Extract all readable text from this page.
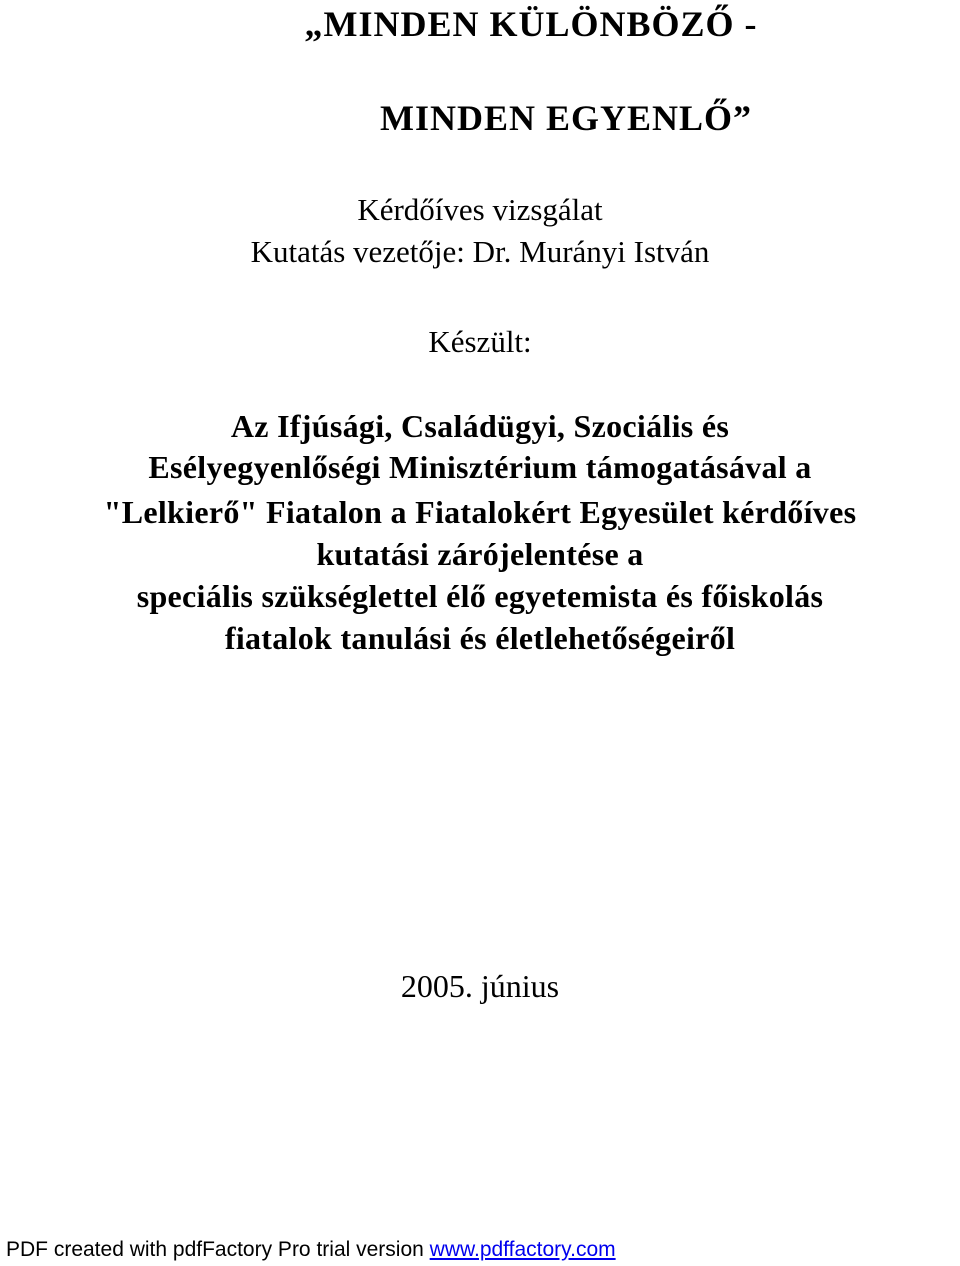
„MINDEN KÜLÖNBÖZŐ -
MINDEN EGYENLŐ”
Kérdőíves vizsgálat
Kutatás vezetője: Dr. Murányi István
Készült:
Az Ifjúsági, Családügyi, Szociális és
Esélyegyenlőségi Minisztérium támogatásával a
"Lelkierő" Fiatalon a Fiatalokért Egyesület kérdőíves
kutatási zárójelentése a
speciális szükséglettel élő egyetemista és főiskolás
fiatalok tanulási és életlehetőségeiről
2005. június
PDF created with pdfFactory Pro trial version www.pdffactory.com
